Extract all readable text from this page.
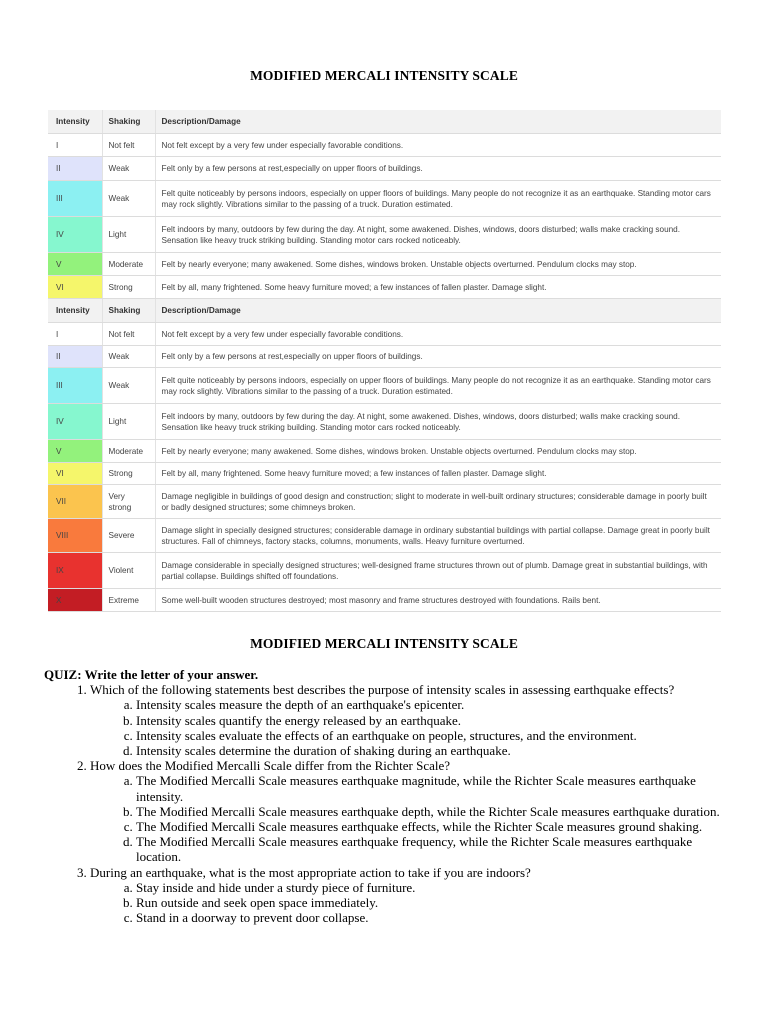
MODIFIED MERCALI INTENSITY SCALE
Intensity	Shaking	Description/Damage
I	Not felt	Not felt except by a very few under especially favorable conditions.
II	Weak	Felt only by a few persons at rest,especially on upper floors of buildings.
III	Weak	Felt quite noticeably by persons indoors, especially on upper floors of buildings. Many people do not recognize it as an earthquake. Standing motor cars may rock slightly. Vibrations similar to the passing of a truck. Duration estimated.
IV	Light	Felt indoors by many, outdoors by few during the day. At night, some awakened. Dishes, windows, doors disturbed; walls make cracking sound. Sensation like heavy truck striking building. Standing motor cars rocked noticeably.
V	Moderate	Felt by nearly everyone; many awakened. Some dishes, windows broken. Unstable objects overturned. Pendulum clocks may stop.
VI	Strong	Felt by all, many frightened. Some heavy furniture moved; a few instances of fallen plaster. Damage slight.
Intensity	Shaking	Description/Damage
I	Not felt	Not felt except by a very few under especially favorable conditions.
II	Weak	Felt only by a few persons at rest,especially on upper floors of buildings.
III	Weak	Felt quite noticeably by persons indoors, especially on upper floors of buildings. Many people do not recognize it as an earthquake. Standing motor cars may rock slightly. Vibrations similar to the passing of a truck. Duration estimated.
IV	Light	Felt indoors by many, outdoors by few during the day. At night, some awakened. Dishes, windows, doors disturbed; walls make cracking sound. Sensation like heavy truck striking building. Standing motor cars rocked noticeably.
V	Moderate	Felt by nearly everyone; many awakened. Some dishes, windows broken. Unstable objects overturned. Pendulum clocks may stop.
VI	Strong	Felt by all, many frightened. Some heavy furniture moved; a few instances of fallen plaster. Damage slight.
VII	Very strong	Damage negligible in buildings of good design and construction; slight to moderate in well-built ordinary structures; considerable damage in poorly built or badly designed structures; some chimneys broken.
VIII	Severe	Damage slight in specially designed structures; considerable damage in ordinary substantial buildings with partial collapse. Damage great in poorly built structures. Fall of chimneys, factory stacks, columns, monuments, walls. Heavy furniture overturned.
IX	Violent	Damage considerable in specially designed structures; well-designed frame structures thrown out of plumb. Damage great in substantial buildings, with partial collapse. Buildings shifted off foundations.
X	Extreme	Some well-built wooden structures destroyed; most masonry and frame structures destroyed with foundations. Rails bent.
MODIFIED MERCALI INTENSITY SCALE
QUIZ: Write the letter of your answer.
1. Which of the following statements best describes the purpose of intensity scales in assessing earthquake effects?
a. Intensity scales measure the depth of an earthquake's epicenter.
b. Intensity scales quantify the energy released by an earthquake.
c. Intensity scales evaluate the effects of an earthquake on people, structures, and the environment.
d. Intensity scales determine the duration of shaking during an earthquake.
2. How does the Modified Mercalli Scale differ from the Richter Scale?
a. The Modified Mercalli Scale measures earthquake magnitude, while the Richter Scale measures earthquake intensity.
b. The Modified Mercalli Scale measures earthquake depth, while the Richter Scale measures earthquake duration.
c. The Modified Mercalli Scale measures earthquake effects, while the Richter Scale measures ground shaking.
d. The Modified Mercalli Scale measures earthquake frequency, while the Richter Scale measures earthquake location.
3. During an earthquake, what is the most appropriate action to take if you are indoors?
a. Stay inside and hide under a sturdy piece of furniture.
b. Run outside and seek open space immediately.
c. Stand in a doorway to prevent door collapse.
